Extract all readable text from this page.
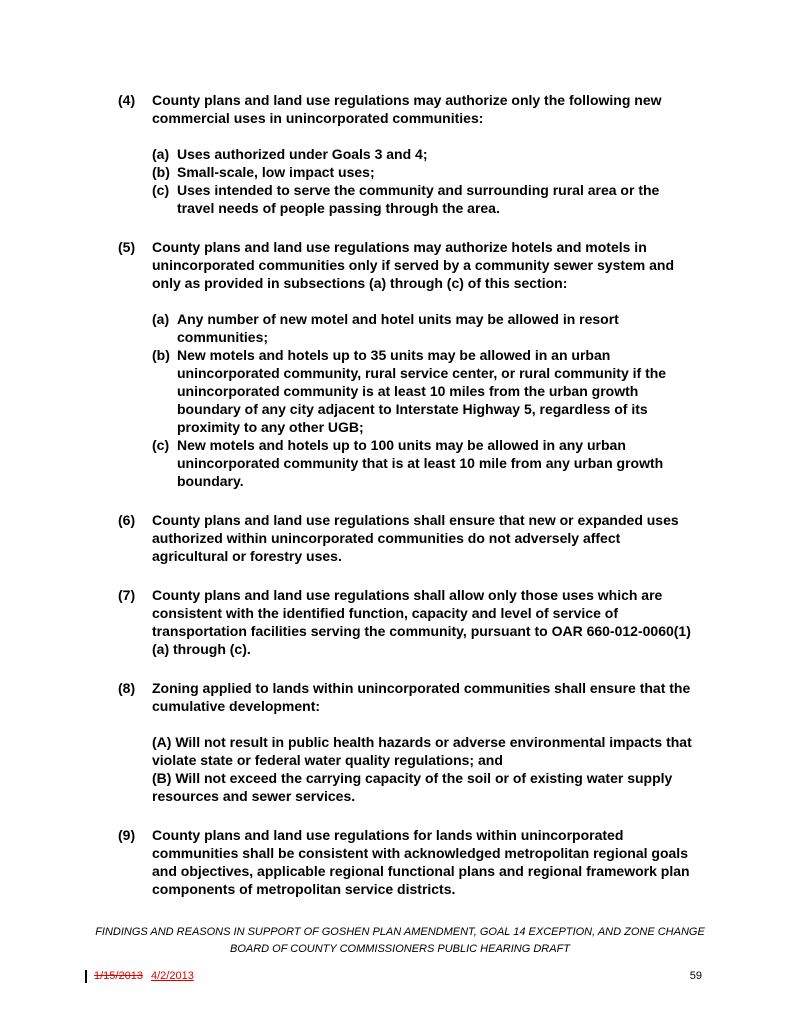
(4)	County plans and land use regulations may authorize only the following new commercial uses in unincorporated communities:

(a) Uses authorized under Goals 3 and 4;
(b) Small-scale, low impact uses;
(c) Uses intended to serve the community and surrounding rural area or the travel needs of people passing through the area.
(5)	County plans and land use regulations may authorize hotels and motels in unincorporated communities only if served by a community sewer system and only as provided in subsections (a) through (c) of this section:

(a) Any number of new motel and hotel units may be allowed in resort communities;
(b) New motels and hotels up to 35 units may be allowed in an urban unincorporated community, rural service center, or rural community if the unincorporated community is at least 10 miles from the urban growth boundary of any city adjacent to Interstate Highway 5, regardless of its proximity to any other UGB;
(c) New motels and hotels up to 100 units may be allowed in any urban unincorporated community that is at least 10 mile from any urban growth boundary.
(6)	County plans and land use regulations shall ensure that new or expanded uses authorized within unincorporated communities do not adversely affect agricultural or forestry uses.

(7)	County plans and land use regulations shall allow only those uses which are consistent with the identified function, capacity and level of service of transportation facilities serving the community, pursuant to OAR 660-012-0060(1)(a) through (c).

(8)	Zoning applied to lands within unincorporated communities shall ensure that the cumulative development:

(A) Will not result in public health hazards or adverse environmental impacts that violate state or federal water quality regulations; and

(B) Will not exceed the carrying capacity of the soil or of existing water supply resources and sewer services.

(9)	County plans and land use regulations for lands within unincorporated communities shall be consistent with acknowledged metropolitan regional goals and objectives, applicable regional functional plans and regional framework plan components of metropolitan service districts.

FINDINGS AND REASONS IN SUPPORT OF GOSHEN PLAN AMENDMENT, GOAL 14 EXCEPTION, AND ZONE CHANGE

BOARD OF COUNTY COMMISSIONERS PUBLIC HEARING DRAFT

1/15/2013 4/2/2013	59
